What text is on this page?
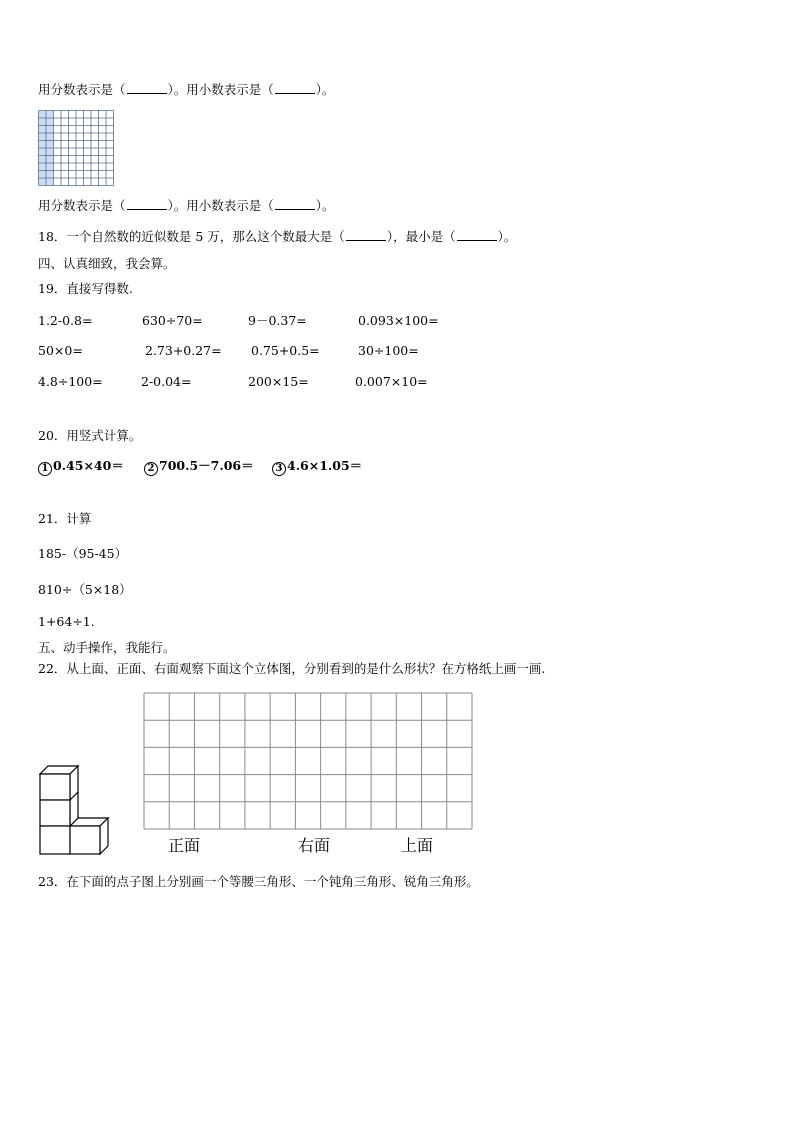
用分数表示是（	）。用小数表示是（	）。
用分数表示是（	）。用小数表示是（	）。
18．一个自然数的近似数是 5 万，那么这个数最大是（	），最小是（	）。
四、认真细致，我会算。
19．直接写得数.
1.2-0.8=	630÷70=	9－0.37=	0.093×100=
50×0=	2.73+0.27= 0.75+0.5=	30÷100=
4.8÷100=	2-0.04=	200×15=	0.007×10=
20．用竖式计算。
1 0.45×40＝	2 700.5－7.06＝	3 4.6×1.05＝
21．计算
185-（95-45）
810÷（5×18）
1+64÷1.
五、动手操作，我能行。
22．从上面、正面、右面观察下面这个立体图，分别看到的是什么形状？在方格纸上画一画.
正面	右面	上面
23．在下面的点子图上分别画一个等腰三角形、一个钝角三角形、锐角三角形。
